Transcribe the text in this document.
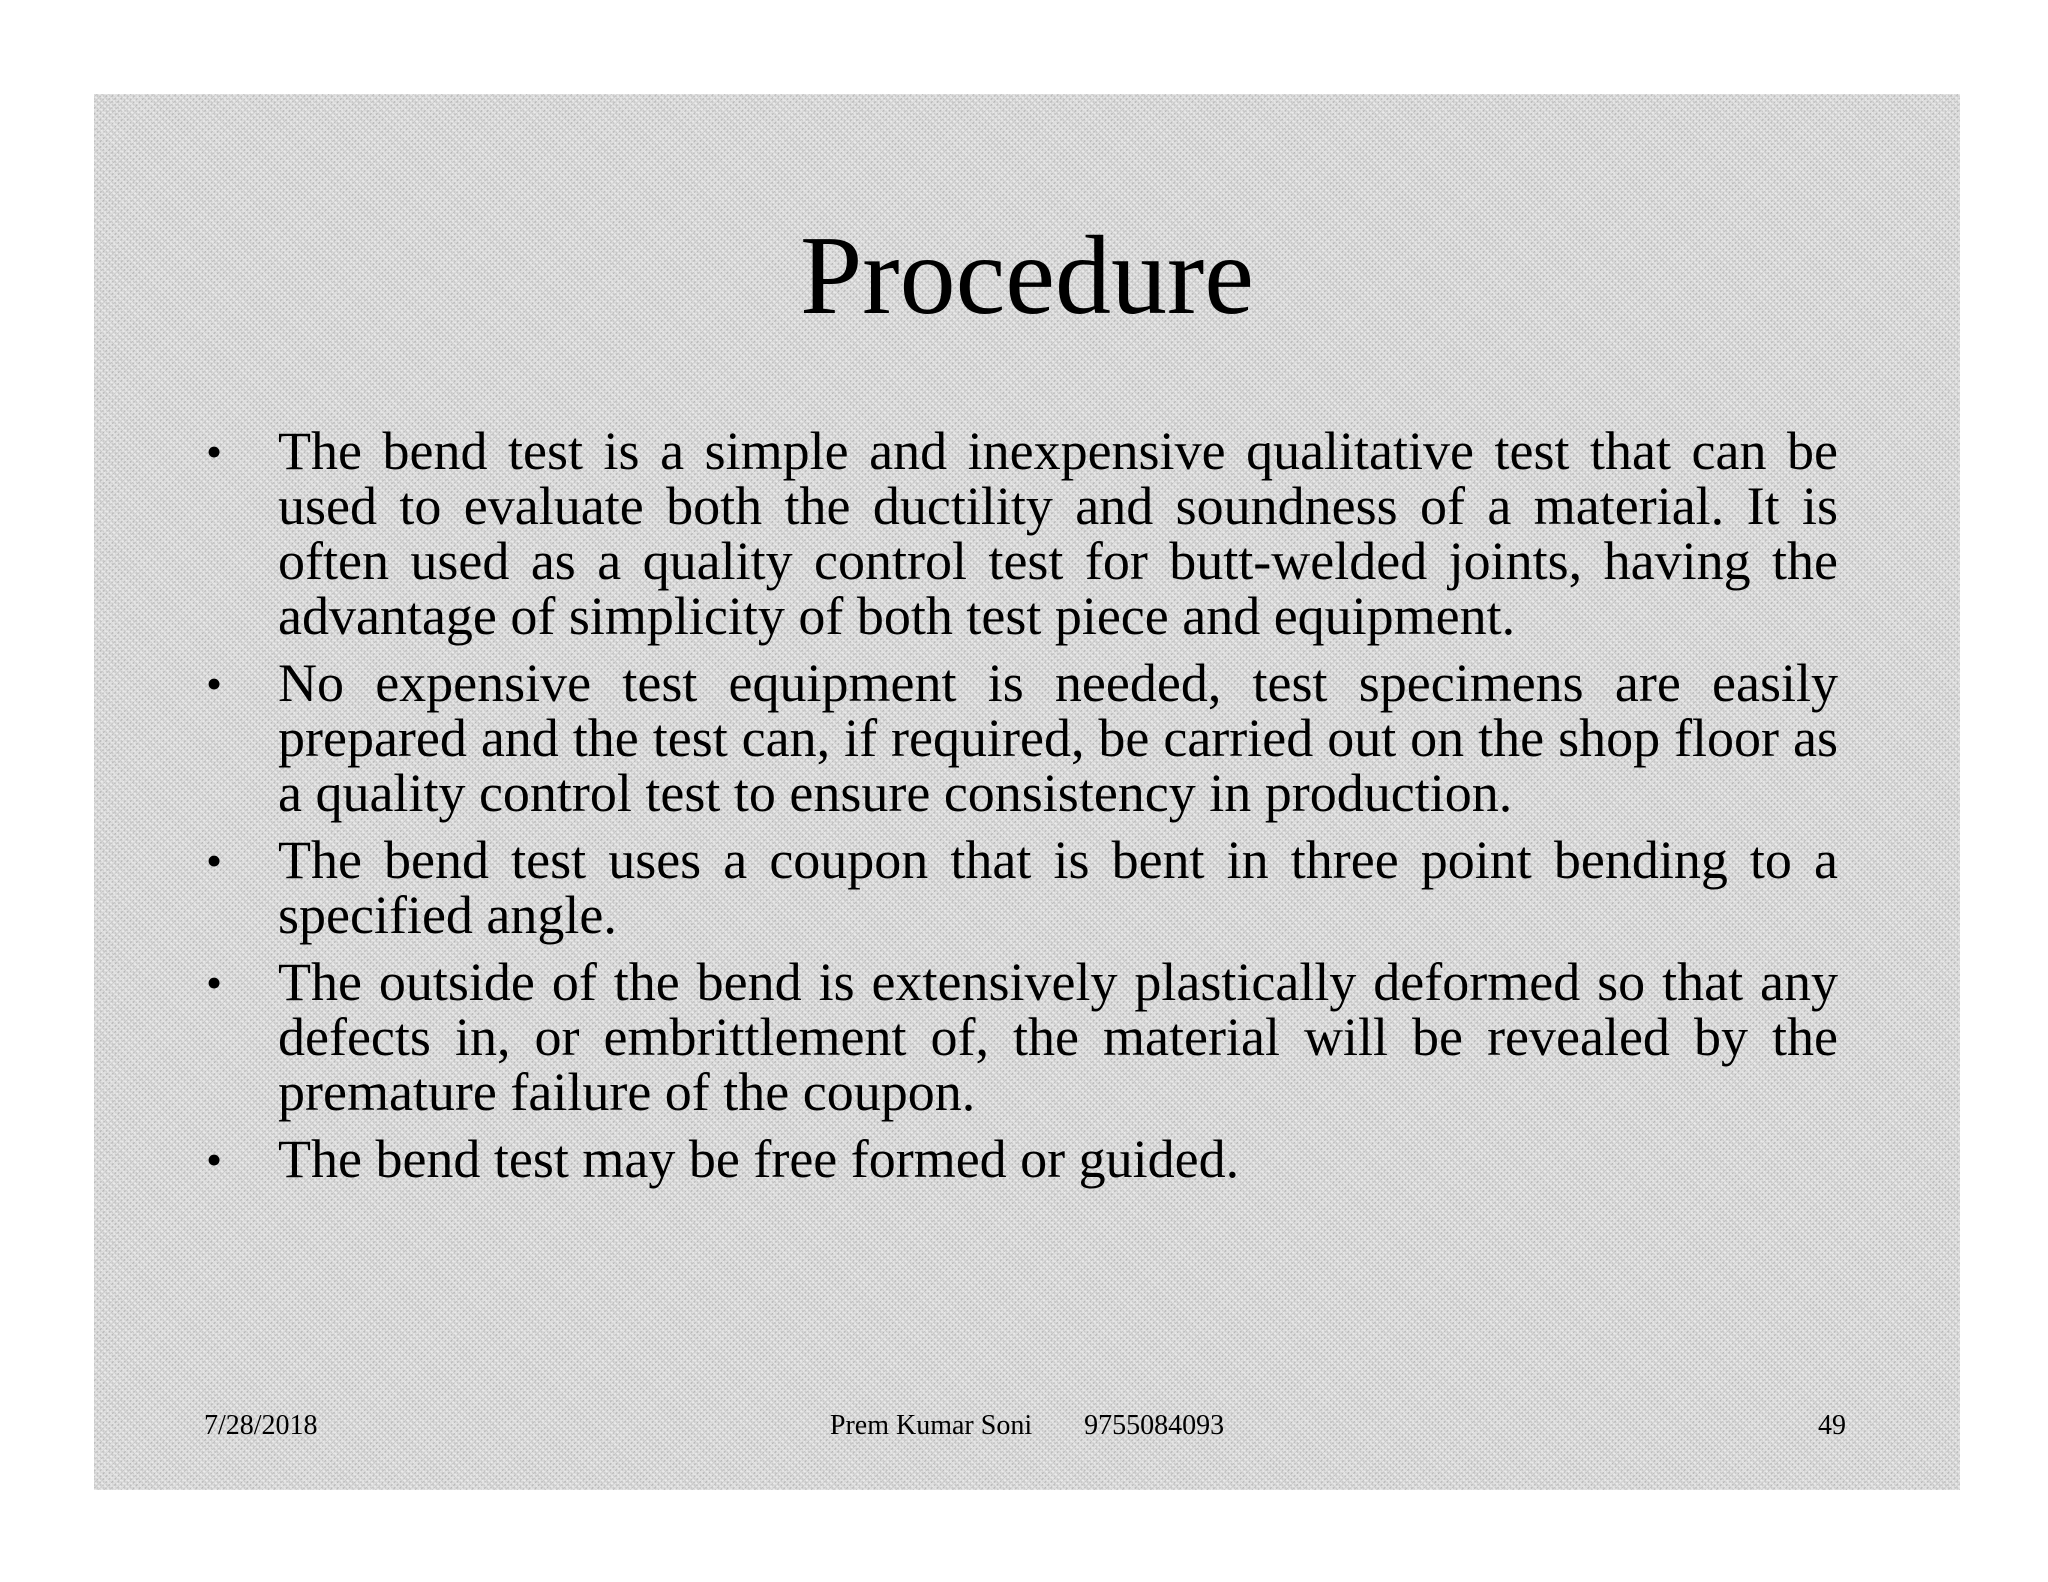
Procedure
• The bend test is a simple and inexpensive qualitative test that can be used to evaluate both the ductility and soundness of a material. It is often used as a quality control test for butt-welded joints, having the advantage of simplicity of both test piece and equipment.
• No expensive test equipment is needed, test specimens are easily prepared and the test can, if required, be carried out on the shop floor as a quality control test to ensure consistency in production.
• The bend test uses a coupon that is bent in three point bending to a specified angle.
• The outside of the bend is extensively plastically deformed so that any defects in, or embrittlement of, the material will be revealed by the premature failure of the coupon.
• The bend test may be free formed or guided.
7/28/2018	Prem Kumar Soni 9755084093	49
